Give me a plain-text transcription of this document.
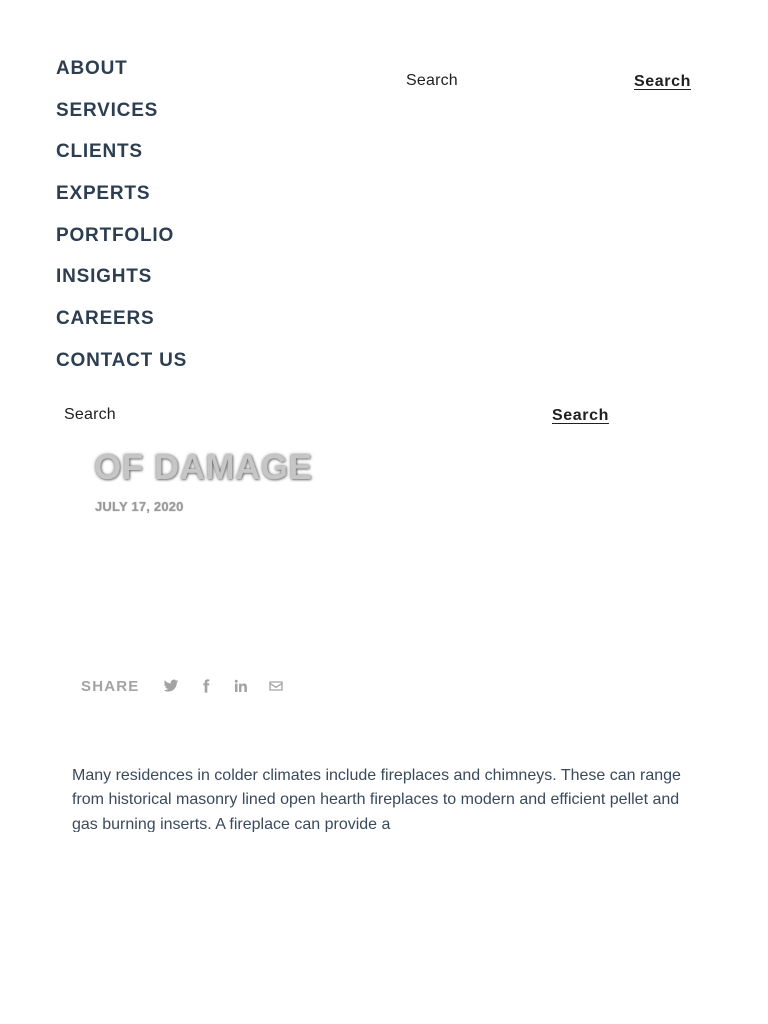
ABOUT
SERVICES
CLIENTS
EXPERTS
PORTFOLIO
INSIGHTS
CAREERS
CONTACT US
Search	Search
Search	Search
OF DAMAGE
JULY 17, 2020
SHARE

Many residences in colder climates include fireplaces and chimneys. These can range from historical masonry lined open hearth fireplaces to modern and efficient pellet and gas burning inserts. A fireplace can provide a
